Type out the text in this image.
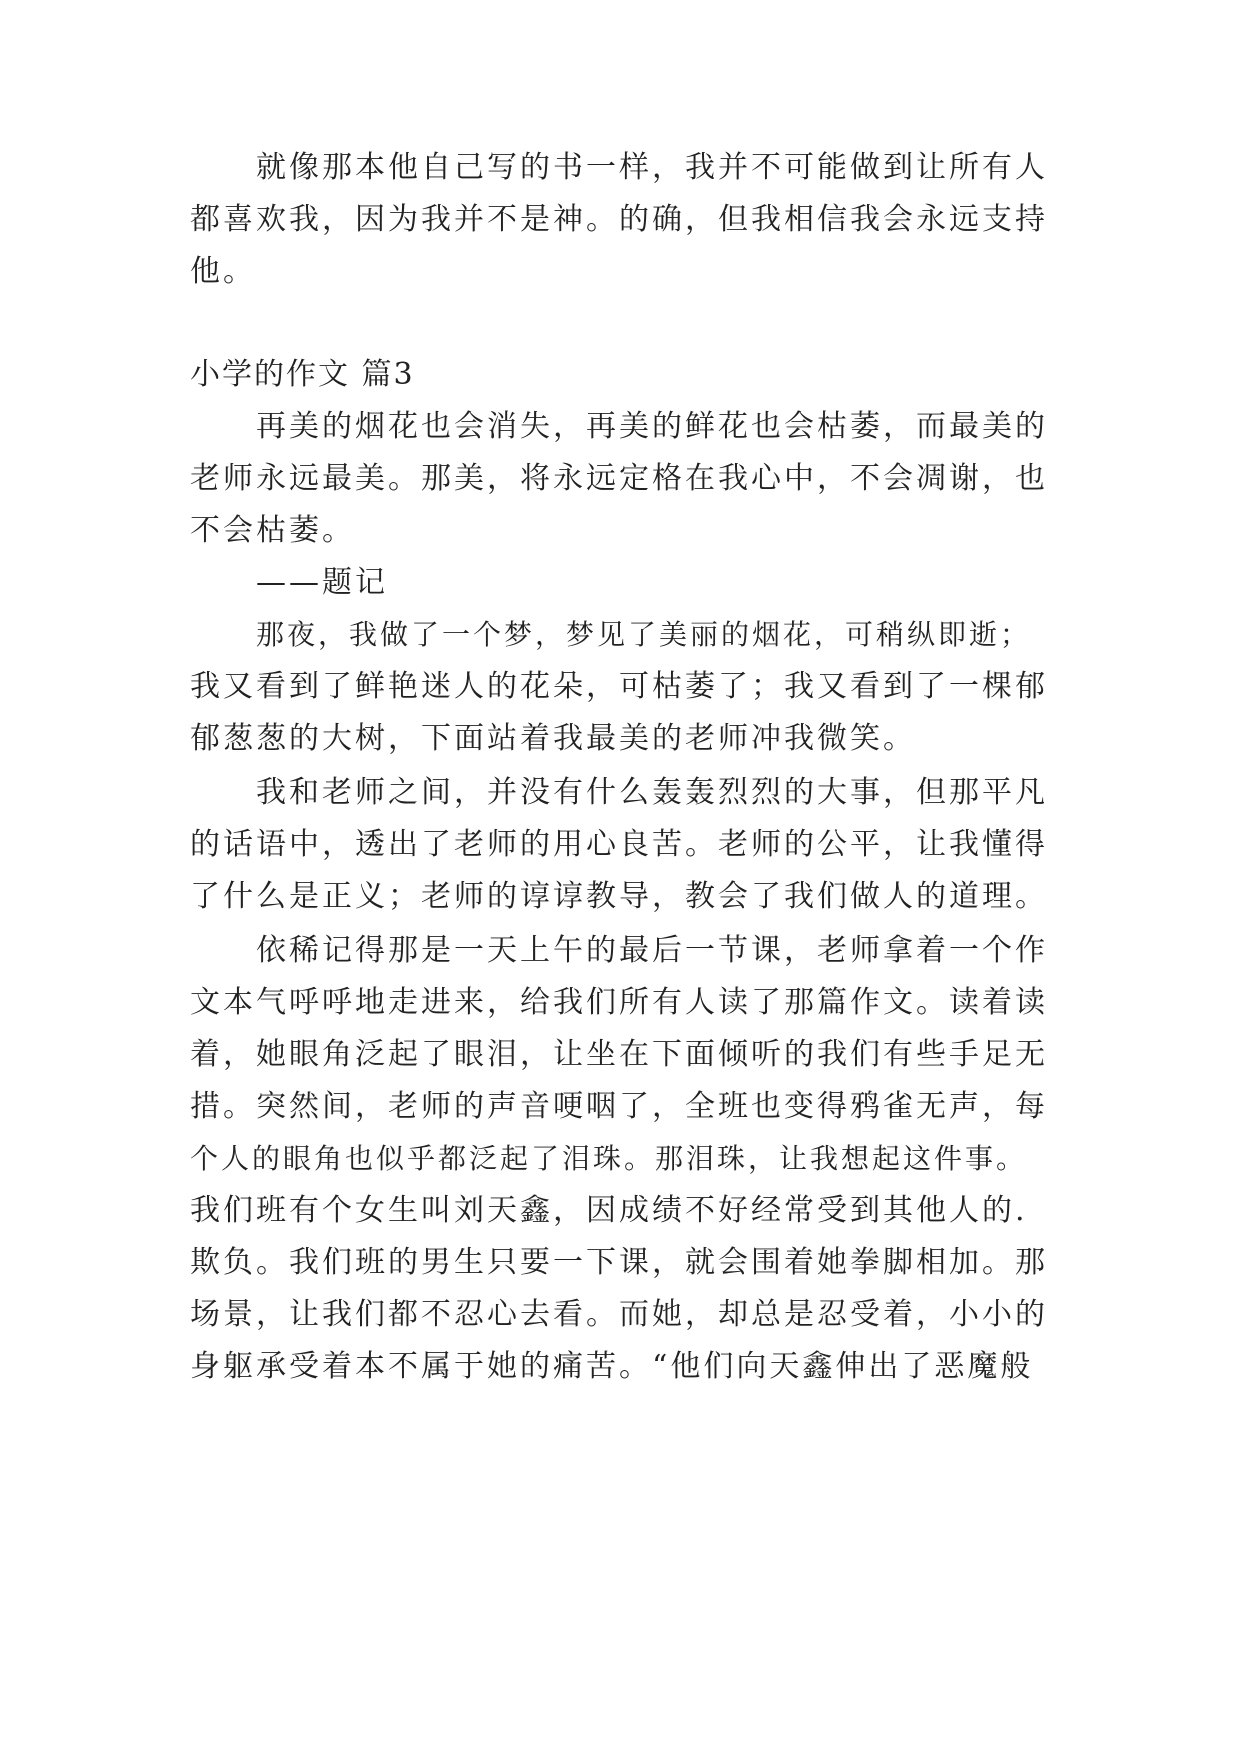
就像那本他自己写的书一样，我并不可能做到让所有人

都喜欢我，因为我并不是神。的确，但我相信我会永远支持

他。

小学的作文 篇3

再美的烟花也会消失，再美的鲜花也会枯萎，而最美的

老师永远最美。那美，将永远定格在我心中，不会凋谢，也

不会枯萎。

——题记

那夜，我做了一个梦，梦见了美丽的烟花，可稍纵即逝；

我又看到了鲜艳迷人的花朵，可枯萎了；我又看到了一棵郁

郁葱葱的大树，下面站着我最美的老师冲我微笑。

我和老师之间，并没有什么轰轰烈烈的大事，但那平凡

的话语中，透出了老师的用心良苦。老师的公平，让我懂得

了什么是正义；老师的谆谆教导，教会了我们做人的道理。

依稀记得那是一天上午的最后一节课，老师拿着一个作

文本气呼呼地走进来，给我们所有人读了那篇作文。读着读

着，她眼角泛起了眼泪，让坐在下面倾听的我们有些手足无

措。突然间，老师的声音哽咽了，全班也变得鸦雀无声，每

个人的眼角也似乎都泛起了泪珠。那泪珠，让我想起这件事。

我们班有个女生叫刘天鑫，因成绩不好经常受到其他人的.

欺负。我们班的男生只要一下课，就会围着她拳脚相加。那

场景，让我们都不忍心去看。而她，却总是忍受着，小小的

身躯承受着本不属于她的痛苦。“他们向天鑫伸出了恶魔般
